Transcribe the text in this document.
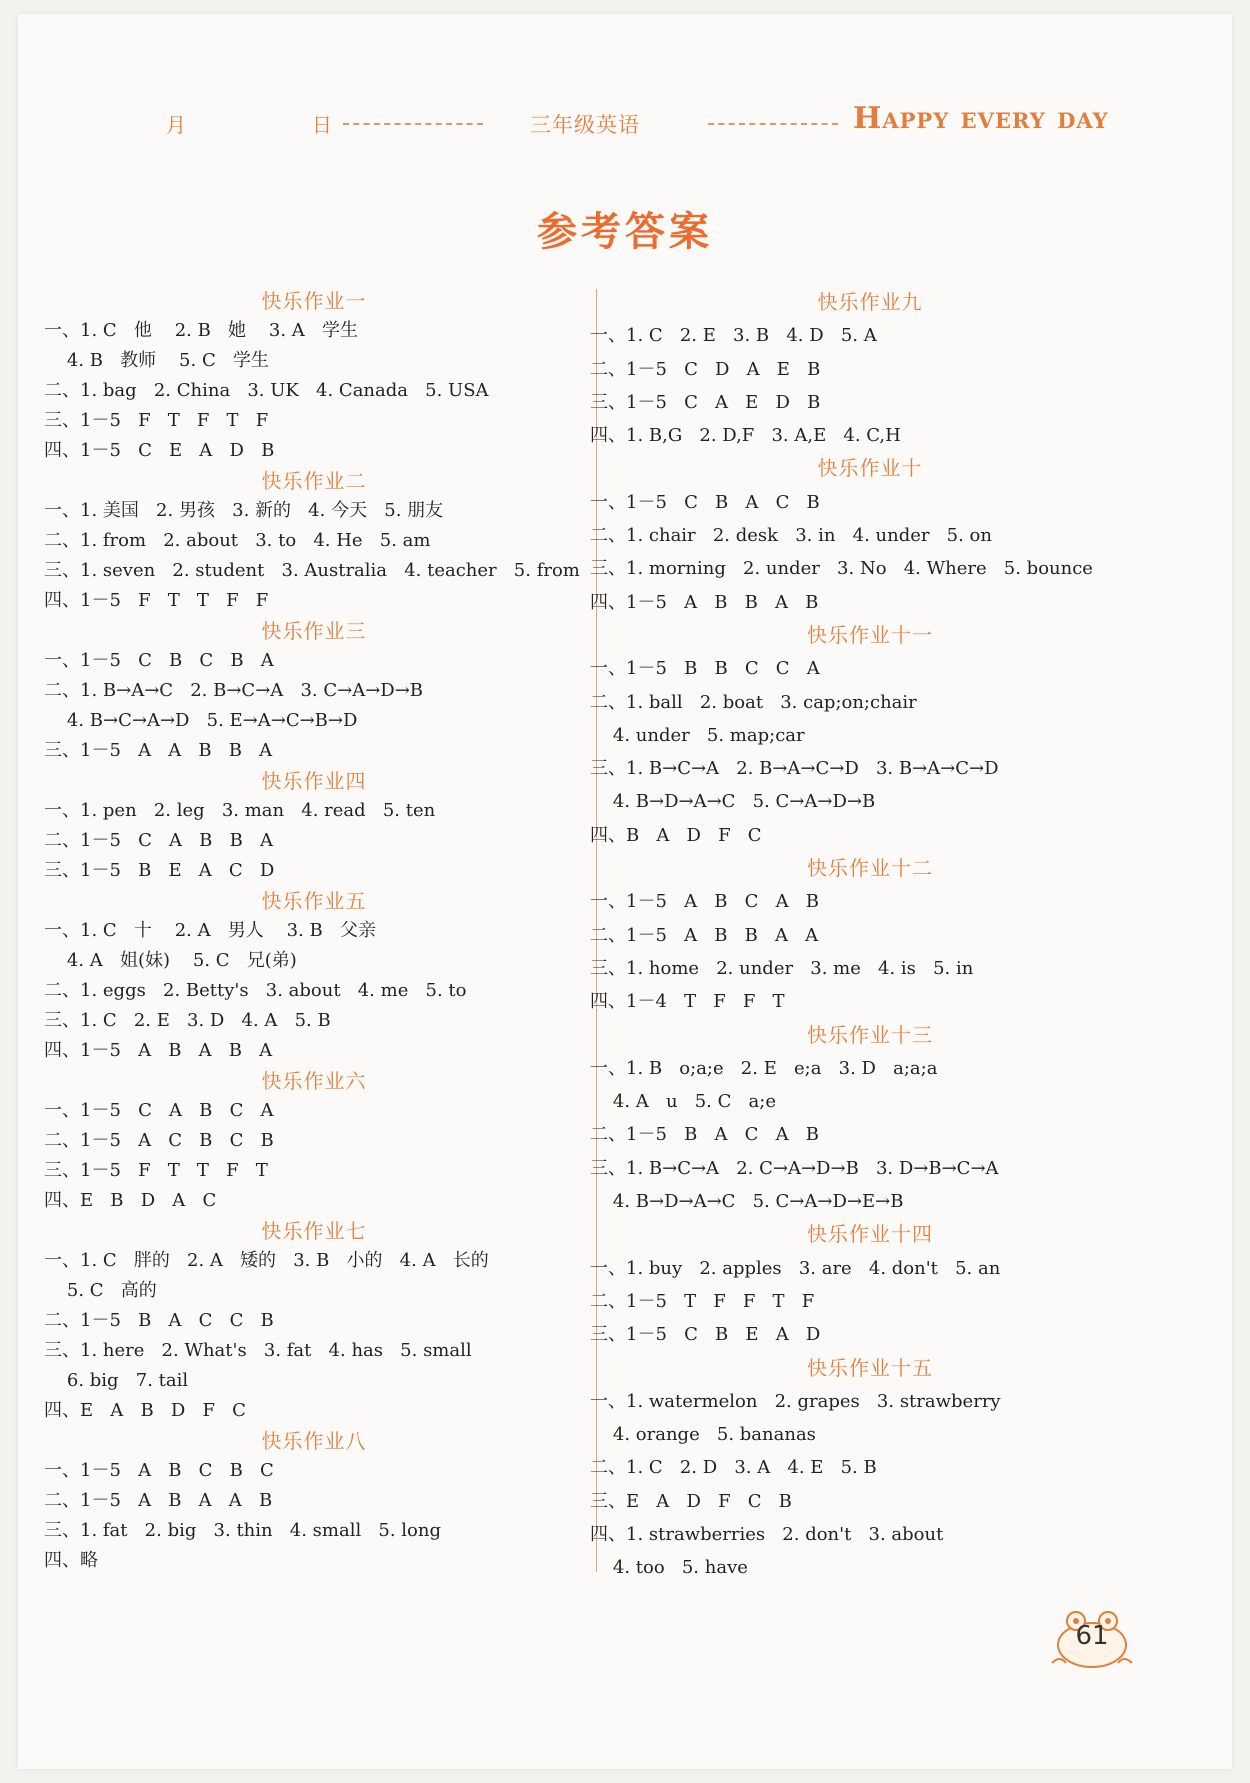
月	日	三年级英语	Happy every day
参考答案
快乐作业一
一、1. C   他    2. B   她    3. A   学生
4. B   教师    5. C   学生
二、1. bag   2. China   3. UK   4. Canada   5. USA
三、1－5   F   T   F   T   F
四、1－5   C   E   A   D   B
快乐作业二
一、1. 美国   2. 男孩   3. 新的   4. 今天   5. 朋友
二、1. from   2. about   3. to   4. He   5. am
三、1. seven   2. student   3. Australia   4. teacher   5. from
四、1－5   F   T   T   F   F
快乐作业三
一、1－5   C   B   C   B   A
二、1. B→A→C   2. B→C→A   3. C→A→D→B
4. B→C→A→D   5. E→A→C→B→D
三、1－5   A   A   B   B   A
快乐作业四
一、1. pen   2. leg   3. man   4. read   5. ten
二、1－5   C   A   B   B   A
三、1－5   B   E   A   C   D
快乐作业五
一、1. C   十    2. A   男人    3. B   父亲
4. A   姐(妹)    5. C   兄(弟)
二、1. eggs   2. Betty's   3. about   4. me   5. to
三、1. C   2. E   3. D   4. A   5. B
四、1－5   A   B   A   B   A
快乐作业六
一、1－5   C   A   B   C   A
二、1－5   A   C   B   C   B
三、1－5   F   T   T   F   T
四、E   B   D   A   C
快乐作业七
一、1. C   胖的   2. A   矮的   3. B   小的   4. A   长的
5. C   高的
二、1－5   B   A   C   C   B
三、1. here   2. What's   3. fat   4. has   5. small
6. big   7. tail
四、E   A   B   D   F   C
快乐作业八
一、1－5   A   B   C   B   C
二、1－5   A   B   A   A   B
三、1. fat   2. big   3. thin   4. small   5. long
四、略
快乐作业九
一、1. C   2. E   3. B   4. D   5. A
二、1－5   C   D   A   E   B
三、1－5   C   A   E   D   B
四、1. B,G   2. D,F   3. A,E   4. C,H
快乐作业十
一、1－5   C   B   A   C   B
二、1. chair   2. desk   3. in   4. under   5. on
三、1. morning   2. under   3. No   4. Where   5. bounce
四、1－5   A   B   B   A   B
快乐作业十一
一、1－5   B   B   C   C   A
二、1. ball   2. boat   3. cap;on;chair
4. under   5. map;car
三、1. B→C→A   2. B→A→C→D   3. B→A→C→D
4. B→D→A→C   5. C→A→D→B
四、B   A   D   F   C
快乐作业十二
一、1－5   A   B   C   A   B
二、1－5   A   B   B   A   A
三、1. home   2. under   3. me   4. is   5. in
四、1－4   T   F   F   T
快乐作业十三
一、1. B   o;a;e   2. E   e;a   3. D   a;a;a
4. A   u   5. C   a;e
二、1－5   B   A   C   A   B
三、1. B→C→A   2. C→A→D→B   3. D→B→C→A
4. B→D→A→C   5. C→A→D→E→B
快乐作业十四
一、1. buy   2. apples   3. are   4. don't   5. an
二、1－5   T   F   F   T   F
三、1－5   C   B   E   A   D
快乐作业十五
一、1. watermelon   2. grapes   3. strawberry
4. orange   5. bananas
二、1. C   2. D   3. A   4. E   5. B
三、E   A   D   F   C   B
四、1. strawberries   2. don't   3. about
4. too   5. have
61
